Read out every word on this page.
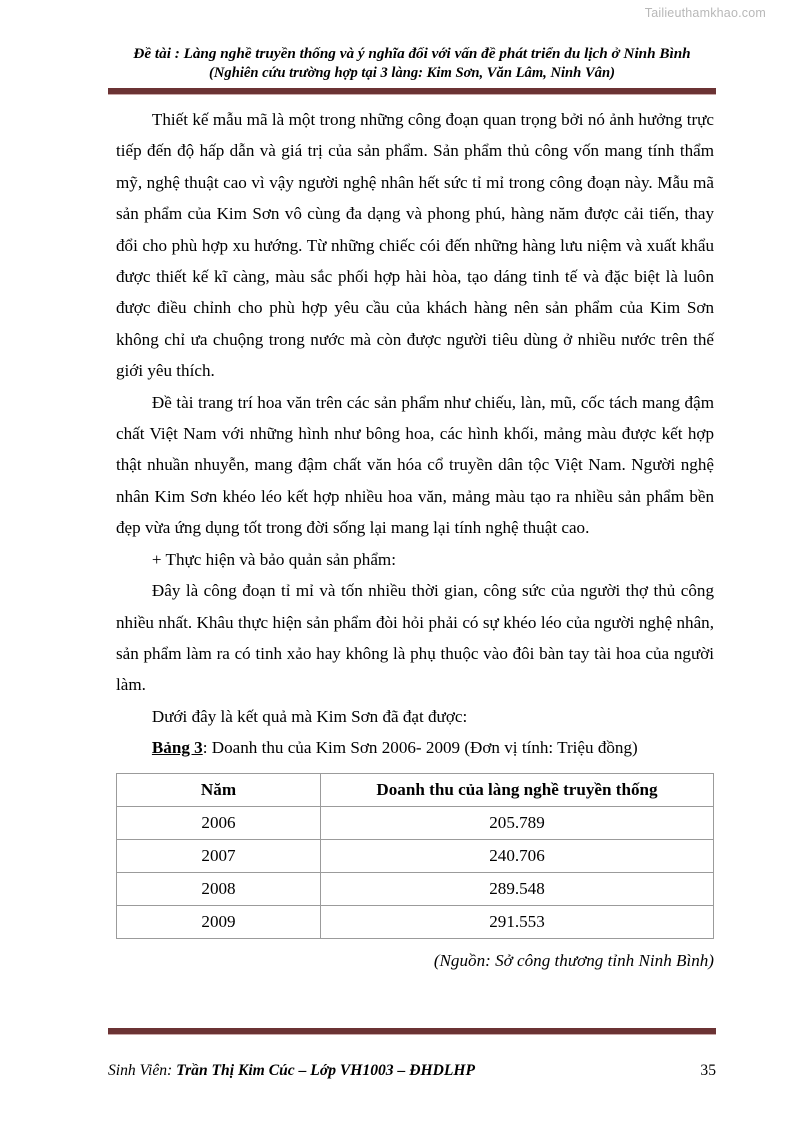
Tailieuthamkhao.com
Đề tài : Làng nghề truyền thống và ý nghĩa đối với vấn đề phát triển du lịch ở Ninh Bình
(Nghiên cứu trường hợp tại 3 làng: Kim Sơn, Văn Lâm, Ninh Vân)

Thiết kế mẫu mã là một trong những công đoạn quan trọng bởi nó ảnh hưởng trực tiếp đến độ hấp dẫn và giá trị của sản phẩm. Sản phẩm thủ công vốn mang tính thẩm mỹ, nghệ thuật cao vì vậy người nghệ nhân hết sức tỉ mỉ trong công đoạn này. Mẫu mã sản phẩm của Kim Sơn vô cùng đa dạng và phong phú, hàng năm được cải tiến, thay đổi cho phù hợp xu hướng. Từ những chiếc cói đến những hàng lưu niệm và xuất khẩu được thiết kế kĩ càng, màu sắc phối hợp hài hòa, tạo dáng tinh tế và đặc biệt là luôn được điều chỉnh cho phù hợp yêu cầu của khách hàng nên sản phẩm của Kim Sơn không chỉ ưa chuộng trong nước mà còn được người tiêu dùng ở nhiều nước trên thế giới yêu thích.

Đề tài trang trí hoa văn trên các sản phẩm như chiếu, làn, mũ, cốc tách mang đậm chất Việt Nam với những hình như bông hoa, các hình khối, mảng màu được kết hợp thật nhuần nhuyễn, mang đậm chất văn hóa cổ truyền dân tộc Việt Nam. Người nghệ nhân Kim Sơn khéo léo kết hợp nhiều hoa văn, mảng màu tạo ra nhiều sản phẩm bền đẹp vừa ứng dụng tốt trong đời sống lại mang lại tính nghệ thuật cao.

+ Thực hiện và bảo quản sản phẩm:

Đây là công đoạn tỉ mỉ và tốn nhiều thời gian, công sức của người thợ thủ công nhiều nhất. Khâu thực hiện sản phẩm đòi hỏi phải có sự khéo léo của người nghệ nhân, sản phẩm làm ra có tinh xảo hay không là phụ thuộc vào đôi bàn tay tài hoa của người làm.

Dưới đây là kết quả mà Kim Sơn đã đạt được:

Bảng 3: Doanh thu của Kim Sơn 2006- 2009 (Đơn vị tính: Triệu đồng)

Năm	Doanh thu của làng nghề truyền thống
2006	205.789
2007	240.706
2008	289.548
2009	291.553

(Nguồn: Sở công thương tỉnh Ninh Bình)

Sinh Viên: Trần Thị Kim Cúc – Lớp VH1003 – ĐHDLHP	35
